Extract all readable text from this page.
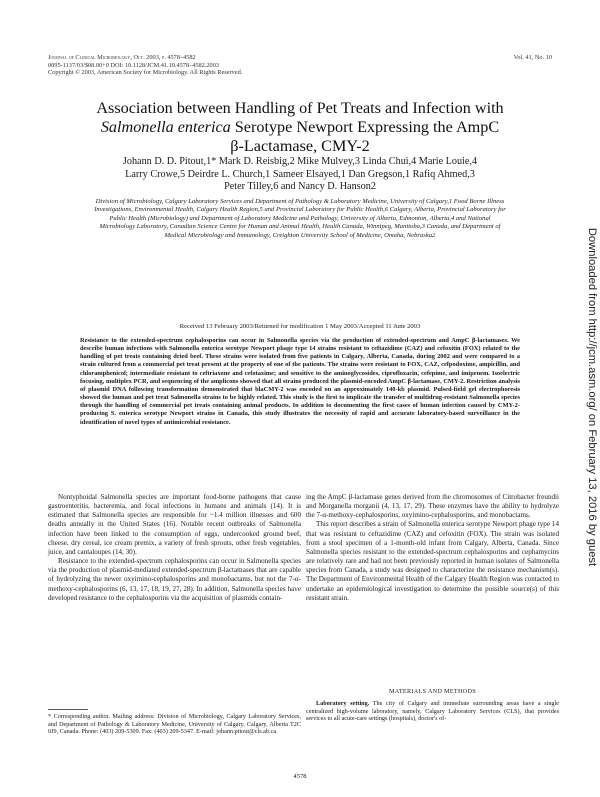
Journal of Clinical Microbiology, Oct. 2003, p. 4578–4582
0095-1137/03/$08.00+0 DOI: 10.1128/JCM.41.10.4578–4582.2003
Copyright © 2003, American Society for Microbiology. All Rights Reserved.
Vol. 41, No. 10
Association between Handling of Pet Treats and Infection with
Salmonella enterica Serotype Newport Expressing the AmpC
β-Lactamase, CMY-2
Johann D. D. Pitout,1* Mark D. Reisbig,2 Mike Mulvey,3 Linda Chui,4 Marie Louie,4
Larry Crowe,5 Deirdre L. Church,1 Sameer Elsayed,1 Dan Gregson,1 Rafiq Ahmed,3
Peter Tilley,6 and Nancy D. Hanson2
Division of Microbiology, Calgary Laboratory Services and Department of Pathology & Laboratory Medicine, University of Calgary,1 Food Borne Illness Investigations, Environmental Health, Calgary Health Region,5 and Provincial Laboratory for Public Health,6 Calgary, Alberta, Provincial Laboratory for Public Health (Microbiology) and Department of Laboratory Medicine and Pathology, University of Alberta, Edmonton, Alberta,4 and National Microbiology Laboratory, Canadian Science Centre for Human and Animal Health, Health Canada, Winnipeg, Manitoba,3 Canada, and Department of Medical Microbiology and Immunology, Creighton University School of Medicine, Omaha, Nebraska2
Received 13 February 2003/Returned for modification 1 May 2003/Accepted 11 June 2003
Resistance to the extended-spectrum cephalosporins can occur in Salmonella species via the production of extended-spectrum and AmpC β-lactamases. We describe human infections with Salmonella enterica serotype Newport phage type 14 strains resistant to ceftazidime (CAZ) and cefoxitin (FOX) related to the handling of pet treats containing dried beef. These strains were isolated from five patients in Calgary, Alberta, Canada, during 2002 and were compared to a strain cultured from a commercial pet treat present at the property of one of the patients. The strains were resistant to FOX, CAZ, cefpodoxime, ampicillin, and chloramphenicol; intermediate resistant to ceftriaxone and cefotaxime; and sensitive to the aminoglycosides, ciprofloxacin, cefepime, and imipenem. Isoelectric focusing, multiplex PCR, and sequencing of the amplicons showed that all strains produced the plasmid-encoded AmpC β-lactamase, CMY-2. Restriction analysis of plasmid DNA following transformation demonstrated that blaCMY-2 was encoded on an approximately 140-kb plasmid. Pulsed-field gel electrophoresis showed the human and pet treat Salmonella strains to be highly related. This study is the first to implicate the transfer of multidrug-resistant Salmonella species through the handling of commercial pet treats containing animal products. In addition to documenting the first cases of human infection caused by CMY-2-producing S. enterica serotype Newport strains in Canada, this study illustrates the necessity of rapid and accurate laboratory-based surveillance in the identification of novel types of antimicrobial resistance.

Nontyphoidal Salmonella species are important food-borne pathogens that cause gastroenteritis, bacteremia, and focal infections in humans and animals (14). It is estimated that Salmonella species are responsible for ~1.4 million illnesses and 600 deaths annually in the United States (16). Notable recent outbreaks of Salmonella infection have been linked to the consumption of eggs, undercooked ground beef, cheese, dry cereal, ice cream premix, a variety of fresh sprouts, other fresh vegetables, juice, and cantaloupes (14, 30).

Resistance to the extended-spectrum cephalosporins can occur in Salmonella species via the production of plasmid-mediated extended-spectrum β-lactamases that are capable of hydrolyzing the newer oxyimino-cephalosporins and monobactams, but not the 7-α-methoxy-cephalosporins (6, 13, 17, 18, 19, 27, 28). In addition, Salmonella species have developed resistance to the cephalosporins via the acquisition of plasmids contain-

* Corresponding author. Mailing address: Division of Microbiology, Calgary Laboratory Services, and Department of Pathology & Laboratory Medicine, University of Calgary, Calgary, Alberta T2C 0J9, Canada. Phone: (403) 209-5309. Fax: (403) 209-5347. E-mail: johann.pitout@cls.ab.ca.

ing the AmpC β-lactamase genes derived from the chromosomes of Citrobacter freundii and Morganella morganii (4, 13, 17, 29). These enzymes have the ability to hydrolyze the 7-α-methoxy-cephalosporins, oxyimino-cephalosporins, and monobactams.

This report describes a strain of Salmonella enterica serotype Newport phage type 14 that was resistant to ceftazidime (CAZ) and cefoxitin (FOX). The strain was isolated from a stool specimen of a 1-month-old infant from Calgary, Alberta, Canada. Since Salmonella species resistant to the extended-spectrum cephalosporins and cephamycins are relatively rare and had not been previously reported in human isolates of Salmonella species from Canada, a study was designed to characterize the resistance mechanism(s). The Department of Environmental Health of the Calgary Health Region was contacted to undertake an epidemiological investigation to determine the possible source(s) of this resistant strain.

MATERIALS AND METHODS
Laboratory setting. The city of Calgary and immediate surrounding areas have a single centralized high-volume laboratory, namely, Calgary Laboratory Services (CLS), that provides services to all acute-care settings (hospitals), doctor's of-
4578
Downloaded from http://jcm.asm.org/ on February 13, 2016 by guest
